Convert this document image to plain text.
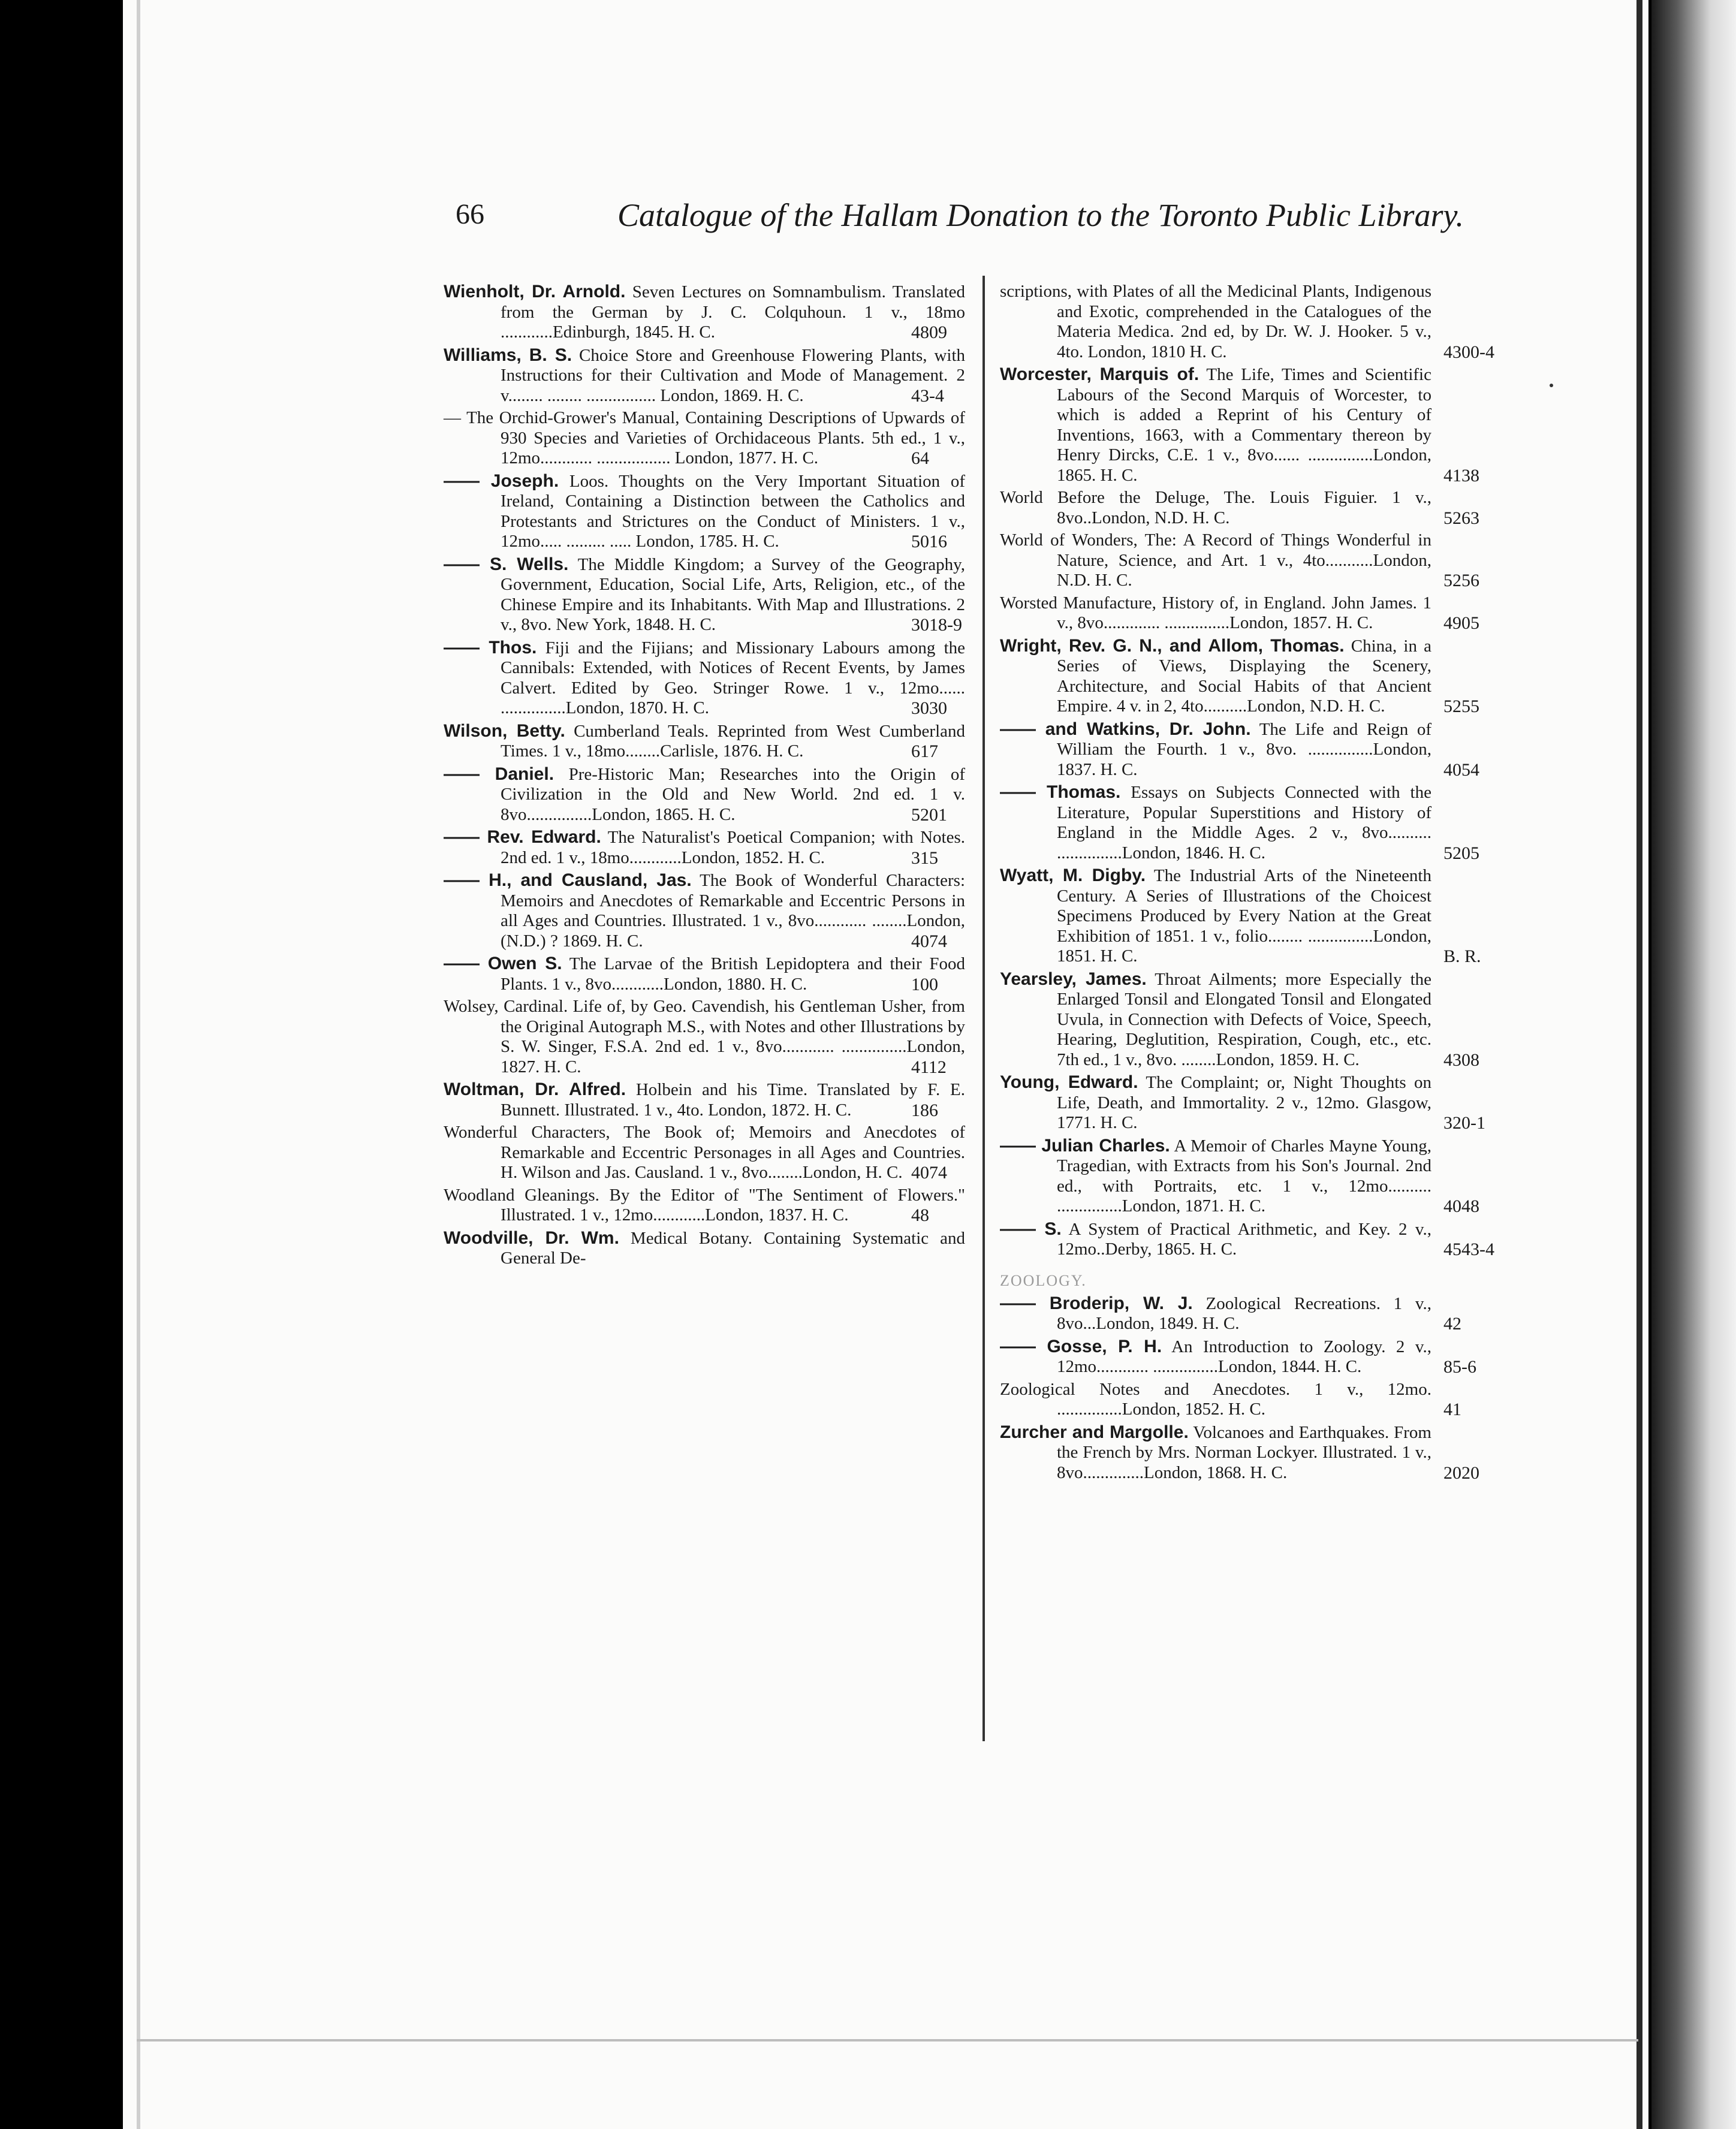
66	Catalogue of the Hallam Donation to the Toronto Public Library.

Wienholt, Dr. Arnold. Seven Lectures on Somnambulism. Translated from the German by J. C. Colquhoun. 1 v., 18mo ............Edinburgh, 1845. H. C.	4809

Williams, B. S. Choice Store and Greenhouse Flowering Plants, with Instructions for their Cultivation and Mode of Management. 2 v........ ........ ................ London, 1869. H. C.	43-4

— The Orchid-Grower's Manual, Containing Descriptions of Upwards of 930 Species and Varieties of Orchidaceous Plants. 5th ed., 1 v., 12mo............ ................. London, 1877. H. C.	64

—— Joseph. Loos. Thoughts on the Very Important Situation of Ireland, Containing a Distinction between the Catholics and Protestants and Strictures on the Conduct of Ministers. 1 v., 12mo..... ......... ..... London, 1785. H. C.	5016

—— S. Wells. The Middle Kingdom; a Survey of the Geography, Government, Education, Social Life, Arts, Religion, etc., of the Chinese Empire and its Inhabitants. With Map and Illustrations. 2 v., 8vo. New York, 1848. H. C.	3018-9

—— Thos. Fiji and the Fijians; and Missionary Labours among the Cannibals: Extended, with Notices of Recent Events, by James Calvert. Edited by Geo. Stringer Rowe. 1 v., 12mo...... ...............London, 1870. H. C.	3030

Wilson, Betty. Cumberland Teals. Reprinted from West Cumberland Times. 1 v., 18mo........Carlisle, 1876. H. C.	617

—— Daniel. Pre-Historic Man; Researches into the Origin of Civilization in the Old and New World. 2nd ed. 1 v. 8vo...............London, 1865. H. C.	5201

—— Rev. Edward. The Naturalist's Poetical Companion; with Notes. 2nd ed. 1 v., 18mo............London, 1852. H. C.	315

—— H., and Causland, Jas. The Book of Wonderful Characters: Memoirs and Anecdotes of Remarkable and Eccentric Persons in all Ages and Countries. Illustrated. 1 v., 8vo............ ........London, (N.D.) ? 1869. H. C.	4074

—— Owen S. The Larvae of the British Lepidoptera and their Food Plants. 1 v., 8vo............London, 1880. H. C.	100

Wolsey, Cardinal. Life of, by Geo. Cavendish, his Gentleman Usher, from the Original Autograph M.S., with Notes and other Illustrations by S. W. Singer, F.S.A. 2nd ed. 1 v., 8vo............ ...............London, 1827. H. C.	4112

Woltman, Dr. Alfred. Holbein and his Time. Translated by F. E. Bunnett. Illustrated. 1 v., 4to. London, 1872. H. C.	186

Wonderful Characters, The Book of; Memoirs and Anecdotes of Remarkable and Eccentric Personages in all Ages and Countries. H. Wilson and Jas. Causland. 1 v., 8vo........London, H. C. 4074

Woodland Gleanings. By the Editor of "The Sentiment of Flowers." Illustrated. 1 v., 12mo............London, 1837. H. C.	48

Woodville, Dr. Wm. Medical Botany. Containing Systematic and General De-

scriptions, with Plates of all the Medicinal Plants, Indigenous and Exotic, comprehended in the Catalogues of the Materia Medica. 2nd ed, by Dr. W. J. Hooker. 5 v., 4to. London, 1810 H. C.	4300-4

Worcester, Marquis of. The Life, Times and Scientific Labours of the Second Marquis of Worcester, to which is added a Reprint of his Century of Inventions, 1663, with a Commentary thereon by Henry Dircks, C.E. 1 v., 8vo...... ...............London, 1865. H. C.	4138

World Before the Deluge, The. Louis Figuier. 1 v., 8vo..London, N.D. H. C.	5263

World of Wonders, The: A Record of Things Wonderful in Nature, Science, and Art. 1 v., 4to...........London, N.D. H. C.	5256

Worsted Manufacture, History of, in England. John James. 1 v., 8vo............. ...............London, 1857. H. C.	4905

Wright, Rev. G. N., and Allom, Thomas. China, in a Series of Views, Displaying the Scenery, Architecture, and Social Habits of that Ancient Empire. 4 v. in 2, 4to..........London, N.D. H. C.	5255

—— and Watkins, Dr. John. The Life and Reign of William the Fourth. 1 v., 8vo. ...............London, 1837. H. C.	4054

—— Thomas. Essays on Subjects Connected with the Literature, Popular Superstitions and History of England in the Middle Ages. 2 v., 8vo.......... ...............London, 1846. H. C.	5205

Wyatt, M. Digby. The Industrial Arts of the Nineteenth Century. A Series of Illustrations of the Choicest Specimens Produced by Every Nation at the Great Exhibition of 1851. 1 v., folio........ ...............London, 1851. H. C.	B. R.

Yearsley, James. Throat Ailments; more Especially the Enlarged Tonsil and Elongated Tonsil and Elongated Uvula, in Connection with Defects of Voice, Speech, Hearing, Deglutition, Respiration, Cough, etc., etc. 7th ed., 1 v., 8vo. ........London, 1859. H. C.	4308

Young, Edward. The Complaint; or, Night Thoughts on Life, Death, and Immortality. 2 v., 12mo. Glasgow, 1771. H. C.	320-1

—— Julian Charles. A Memoir of Charles Mayne Young, Tragedian, with Extracts from his Son's Journal. 2nd ed., with Portraits, etc. 1 v., 12mo.......... ...............London, 1871. H. C.	4048

—— S. A System of Practical Arithmetic, and Key. 2 v., 12mo..Derby, 1865. H. C.	4543-4
ZOOLOGY.

—— Broderip, W. J. Zoological Recreations. 1 v., 8vo...London, 1849. H. C.	42

—— Gosse, P. H. An Introduction to Zoology. 2 v., 12mo............ ...............London, 1844. H. C.	85-6

Zoological Notes and Anecdotes. 1 v., 12mo. ...............London, 1852. H. C.	41

Zurcher and Margolle. Volcanoes and Earthquakes. From the French by Mrs. Norman Lockyer. Illustrated. 1 v., 8vo..............London, 1868. H. C.	2020
